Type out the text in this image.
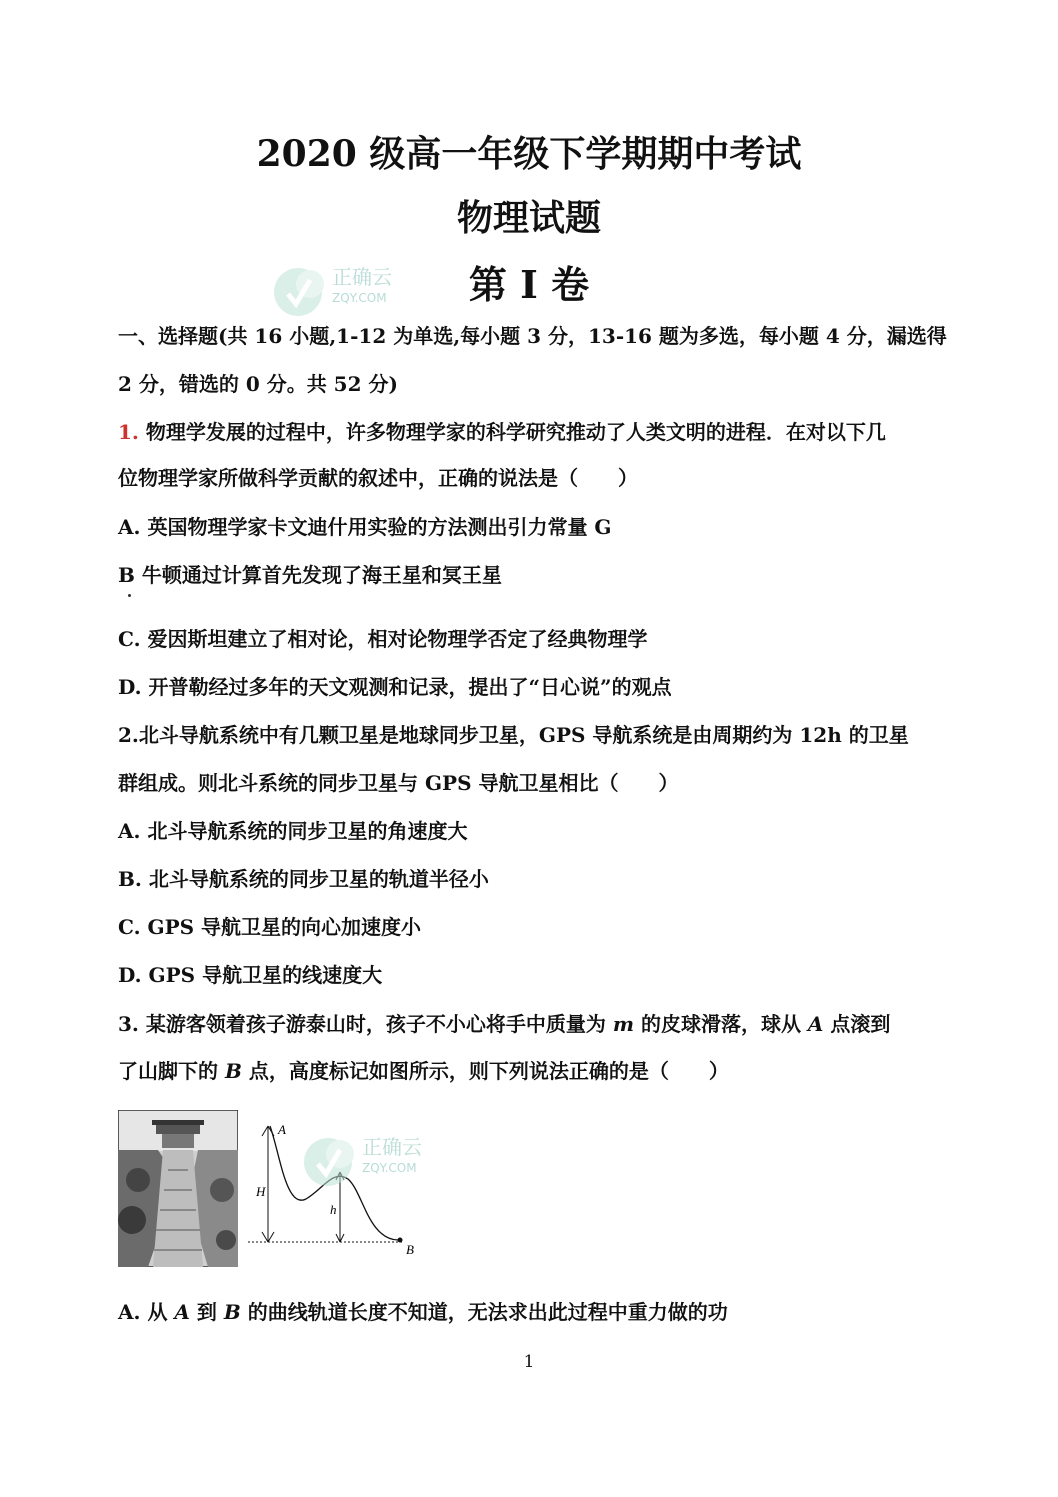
2020 级高一年级下学期期中考试
物理试题
第 I 卷
正确云
ZQY.COM
一、选择题(共 16 小题,1-12 为单选,每小题 3 分，13-16 题为多选，每小题 4 分，漏选得
2 分，错选的 0 分。共 52 分)
1. 物理学发展的过程中，许多物理学家的科学研究推动了人类文明的进程．在对以下几
位物理学家所做科学贡献的叙述中，正确的说法是（　　）
A. 英国物理学家卡文迪什用实验的方法测出引力常量 G
B 牛顿通过计算首先发现了海王星和冥王星
C. 爱因斯坦建立了相对论，相对论物理学否定了经典物理学
D. 开普勒经过多年的天文观测和记录，提出了“日心说”的观点
2.北斗导航系统中有几颗卫星是地球同步卫星，GPS 导航系统是由周期约为 12h 的卫星
群组成。则北斗系统的同步卫星与 GPS 导航卫星相比（　　）
A. 北斗导航系统的同步卫星的角速度大
B. 北斗导航系统的同步卫星的轨道半径小
C. GPS 导航卫星的向心加速度小
D. GPS 导航卫星的线速度大
3. 某游客领着孩子游泰山时，孩子不小心将手中质量为 m 的皮球滑落，球从 A 点滚到
了山脚下的 B 点，高度标记如图所示，则下列说法正确的是（　　）
A
H
h
B
正确云
ZQY.COM
A. 从 A 到 B 的曲线轨道长度不知道，无法求出此过程中重力做的功
1
